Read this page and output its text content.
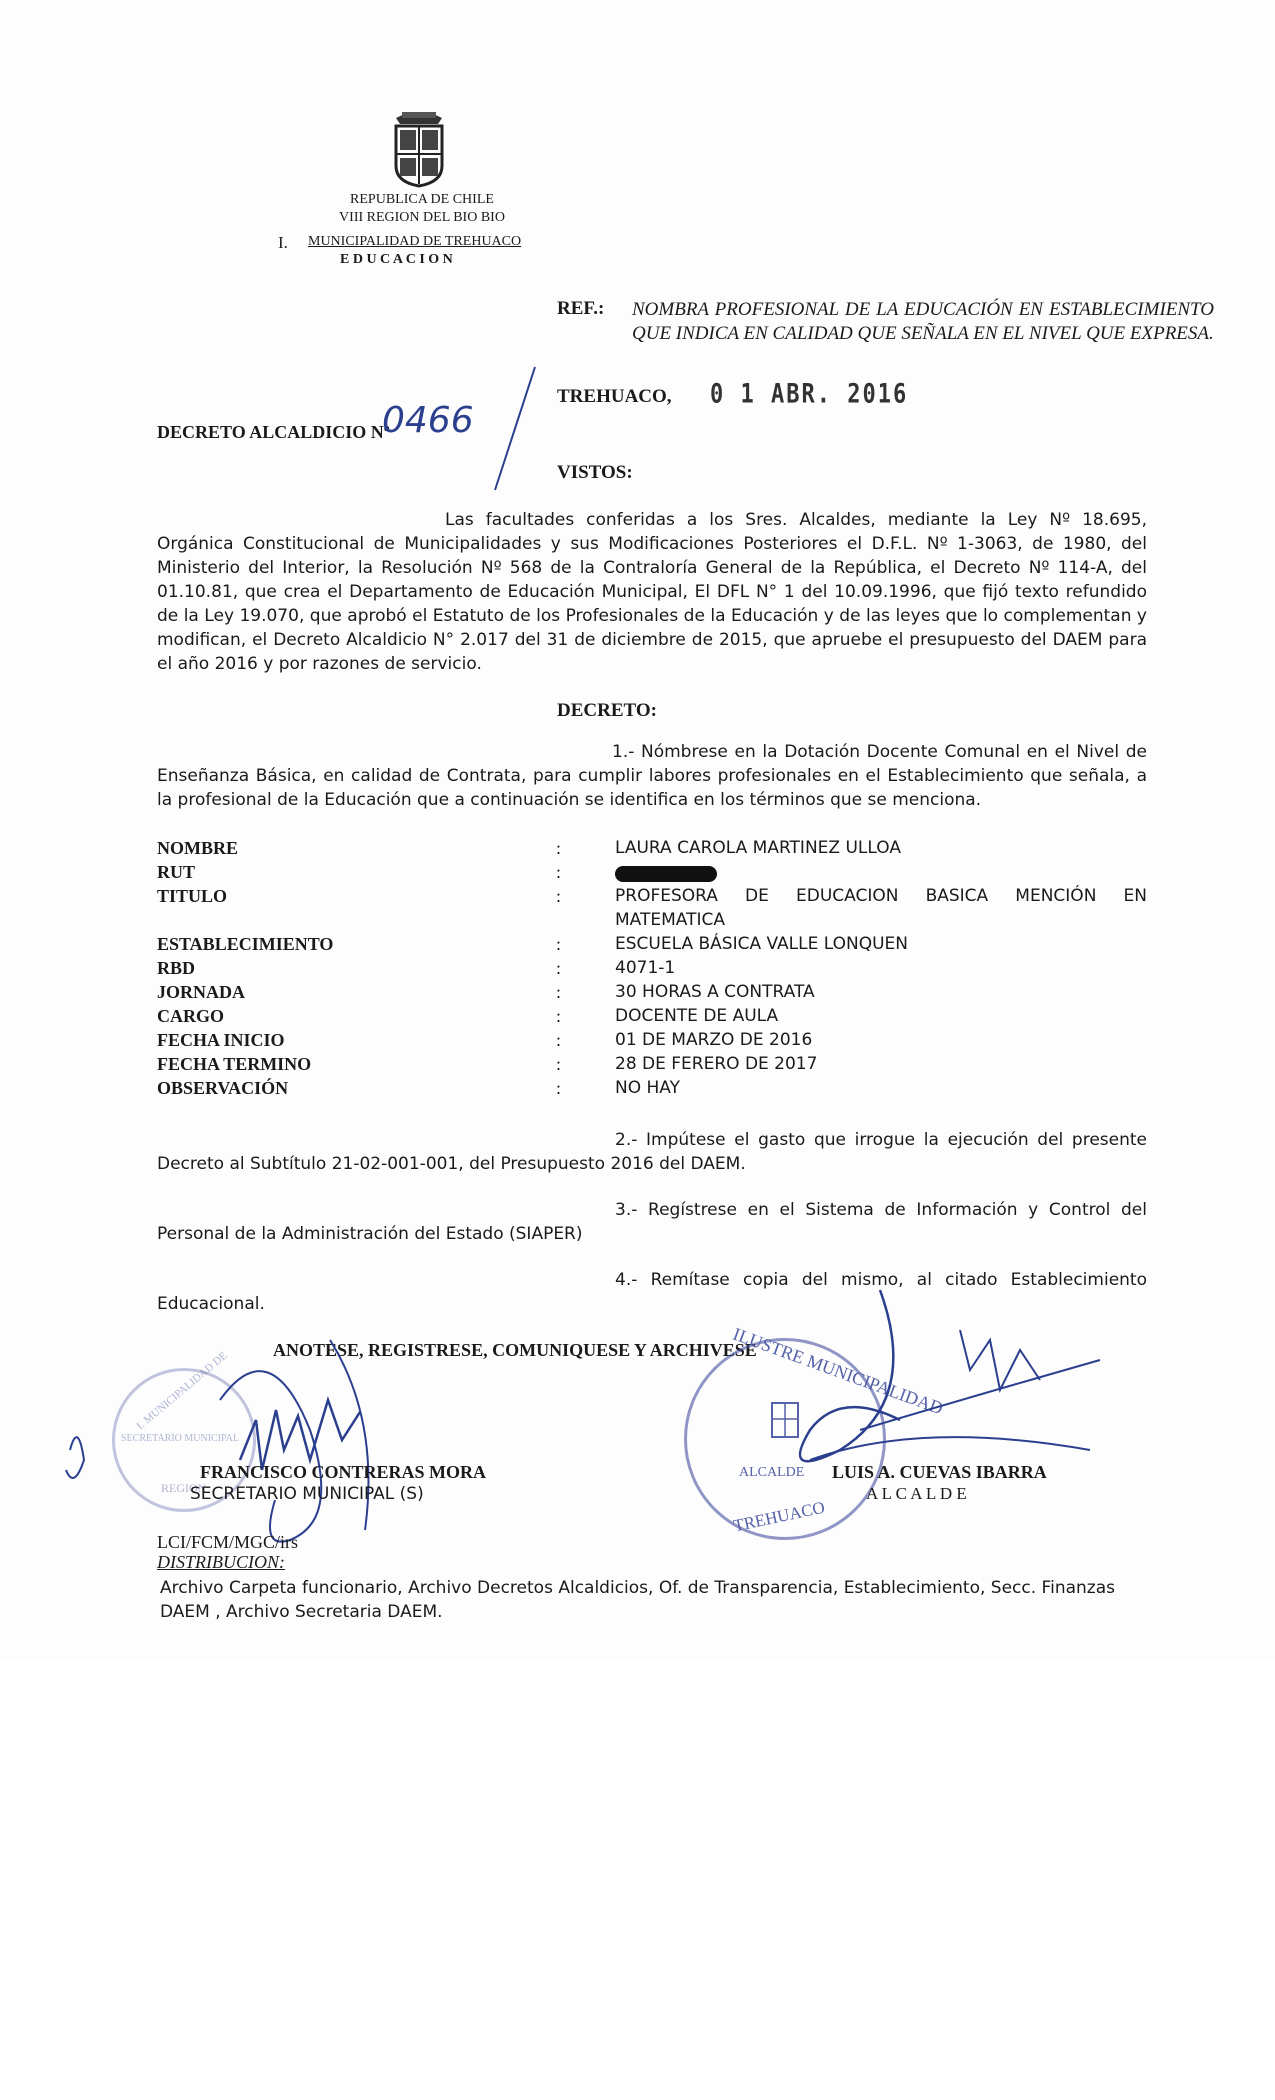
REPUBLICA DE CHILE
VIII REGION DEL BIO BIO
I. MUNICIPALIDAD DE TREHUACO
E D U C A C I O N
REF.: NOMBRA PROFESIONAL DE LA EDUCACIÓN EN ESTABLECIMIENTO QUE INDICA EN CALIDAD QUE SEÑALA EN EL NIVEL QUE EXPRESA.
TREHUACO, 0 1 ABR. 2016
DECRETO ALCALDICIO Nº
0466
VISTOS:
Las facultades conferidas a los Sres. Alcaldes, mediante la Ley Nº 18.695,
Orgánica Constitucional de Municipalidades y sus Modificaciones Posteriores el D.F.L. Nº 1-3063, de 1980, del
Ministerio del Interior, la Resolución Nº 568 de la Contraloría General de la República, el Decreto Nº 114-A, del
01.10.81, que crea el Departamento de Educación Municipal, El DFL N° 1 del 10.09.1996, que fijó texto refundido
de la Ley 19.070, que aprobó el Estatuto de los Profesionales de la Educación y de las leyes que lo complementan y
modifican, el Decreto Alcaldicio N° 2.017 del 31 de diciembre de 2015, que apruebe el presupuesto del DAEM para
el año 2016 y por razones de servicio.
DECRETO:
1.- Nómbrese en la Dotación Docente Comunal en el Nivel de
Enseñanza Básica, en calidad de Contrata, para cumplir labores profesionales en el Establecimiento que señala, a
la profesional de la Educación que a continuación se identifica en los términos que se menciona.
NOMBRE	:	LAURA CAROLA MARTINEZ ULLOA
RUT	:	17.640.097-0
TITULO	:	PROFESORA DE EDUCACION BASICA MENCIÓN EN
MATEMATICA
ESTABLECIMIENTO	:	ESCUELA BÁSICA VALLE LONQUEN
RBD	:	4071-1
JORNADA	:	30 HORAS A CONTRATA
CARGO	:	DOCENTE DE AULA
FECHA INICIO	:	01 DE MARZO DE 2016
FECHA TERMINO	:	28 DE FERERO DE 2017
OBSERVACIÓN	:	NO HAY
2.- Impútese el gasto que irrogue la ejecución del presente
Decreto al Subtítulo 21-02-001-001, del Presupuesto 2016 del DAEM.
3.- Regístrese en el Sistema de Información y Control del
Personal de la Administración del Estado (SIAPER)
4.- Remítase copia del mismo, al citado Establecimiento
Educacional.
ANOTESE, REGISTRESE, COMUNIQUESE Y ARCHIVESE
I. MUNICIPALIDAD DE
SECRETARIO MUNICIPAL
REGION
ILUSTRE MUNICIPALIDAD
ALCALDE
TREHUACO
FRANCISCO CONTRERAS MORA
SECRETARIO MUNICIPAL (S)
LUIS A. CUEVAS IBARRA
A L C A L D E
LCI/FCM/MGC/irs
DISTRIBUCION:
Archivo Carpeta funcionario, Archivo Decretos Alcaldicios, Of. de Transparencia, Establecimiento, Secc. Finanzas
DAEM , Archivo Secretaria DAEM.
